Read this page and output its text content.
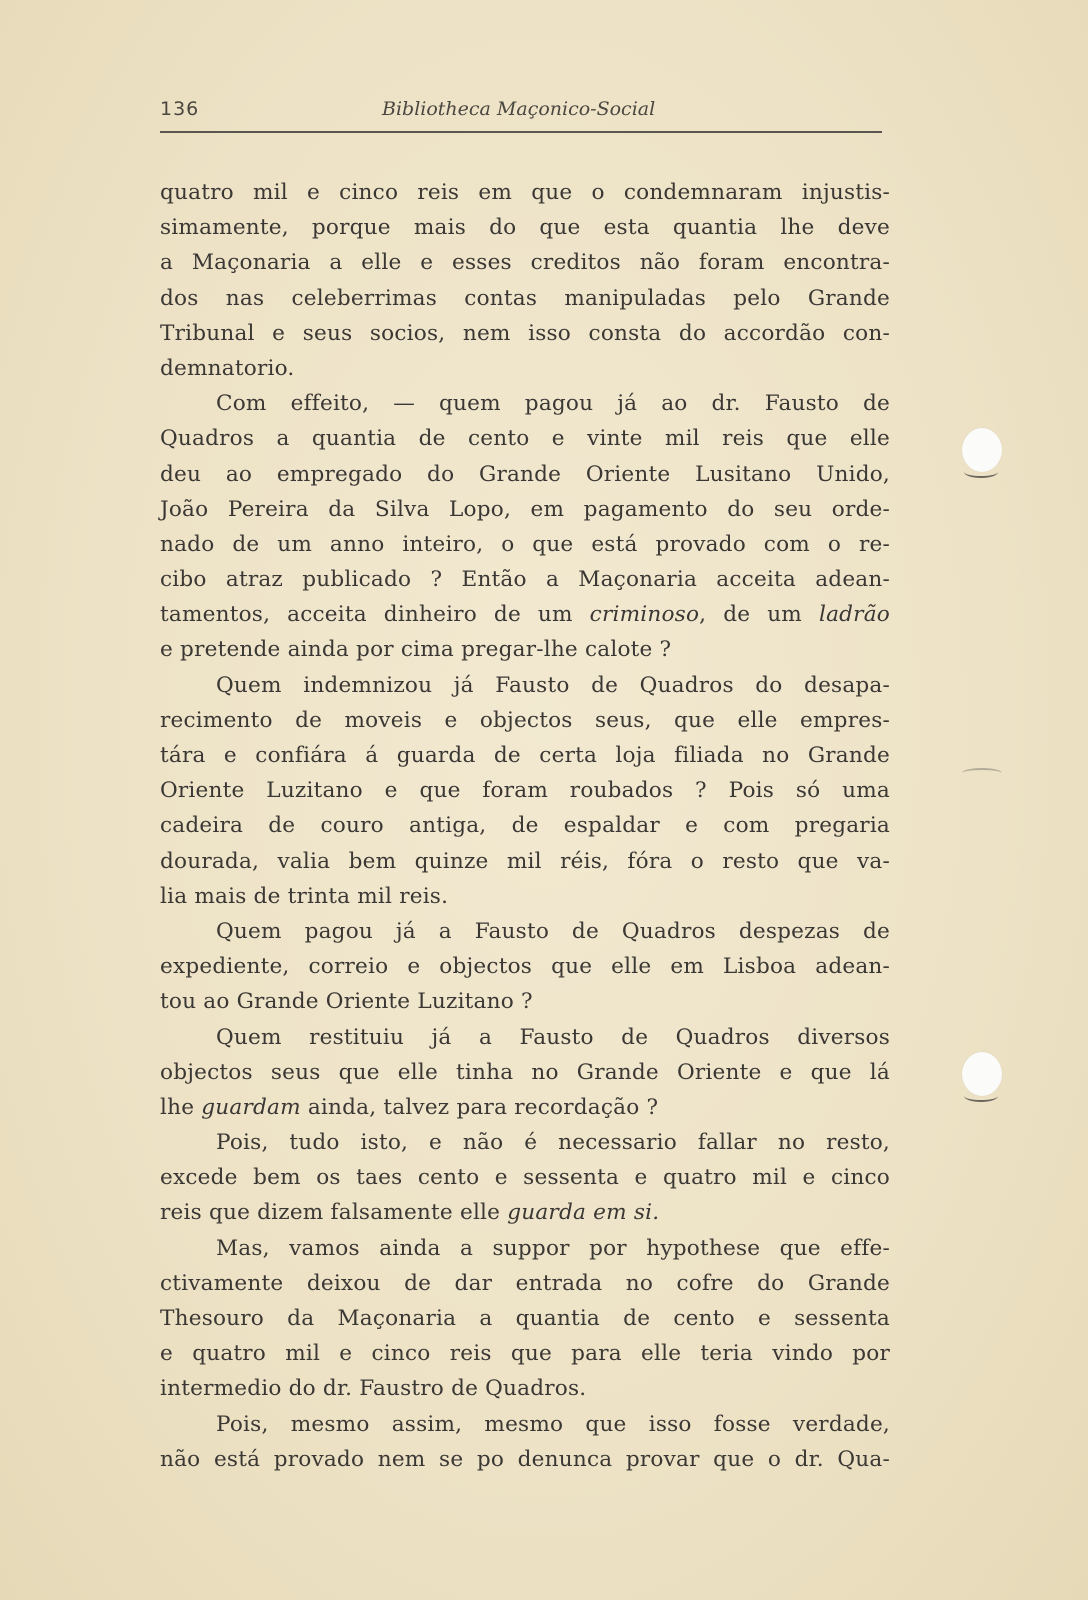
136	Bibliotheca Maçonico-Social
quatro mil e cinco reis em que o condemnaram injustis-
simamente, porque mais do que esta quantia lhe deve
a Maçonaria a elle e esses creditos não foram encontra-
dos nas celeberrimas contas manipuladas pelo Grande
Tribunal e seus socios, nem isso consta do accordão con-
demnatorio.
Com effeito, — quem pagou já ao dr. Fausto de
Quadros a quantia de cento e vinte mil reis que elle
deu ao empregado do Grande Oriente Lusitano Unido,
João Pereira da Silva Lopo, em pagamento do seu orde-
nado de um anno inteiro, o que está provado com o re-
cibo atraz publicado ? Então a Maçonaria acceita adean-
tamentos, acceita dinheiro de um criminoso, de um ladrão
e pretende ainda por cima pregar-lhe calote ?
Quem indemnizou já Fausto de Quadros do desapa-
recimento de moveis e objectos seus, que elle empres-
tára e confiára á guarda de certa loja filiada no Grande
Oriente Luzitano e que foram roubados ? Pois só uma
cadeira de couro antiga, de espaldar e com pregaria
dourada, valia bem quinze mil réis, fóra o resto que va-
lia mais de trinta mil reis.
Quem pagou já a Fausto de Quadros despezas de
expediente, correio e objectos que elle em Lisboa adean-
tou ao Grande Oriente Luzitano ?
Quem restituiu já a Fausto de Quadros diversos
objectos seus que elle tinha no Grande Oriente e que lá
lhe guardam ainda, talvez para recordação ?
Pois, tudo isto, e não é necessario fallar no resto,
excede bem os taes cento e sessenta e quatro mil e cinco
reis que dizem falsamente elle guarda em si.
Mas, vamos ainda a suppor por hypothese que effe-
ctivamente deixou de dar entrada no cofre do Grande
Thesouro da Maçonaria a quantia de cento e sessenta
e quatro mil e cinco reis que para elle teria vindo por
intermedio do dr. Faustro de Quadros.
Pois, mesmo assim, mesmo que isso fosse verdade,
não está provado nem se po denunca provar que o dr. Qua-
